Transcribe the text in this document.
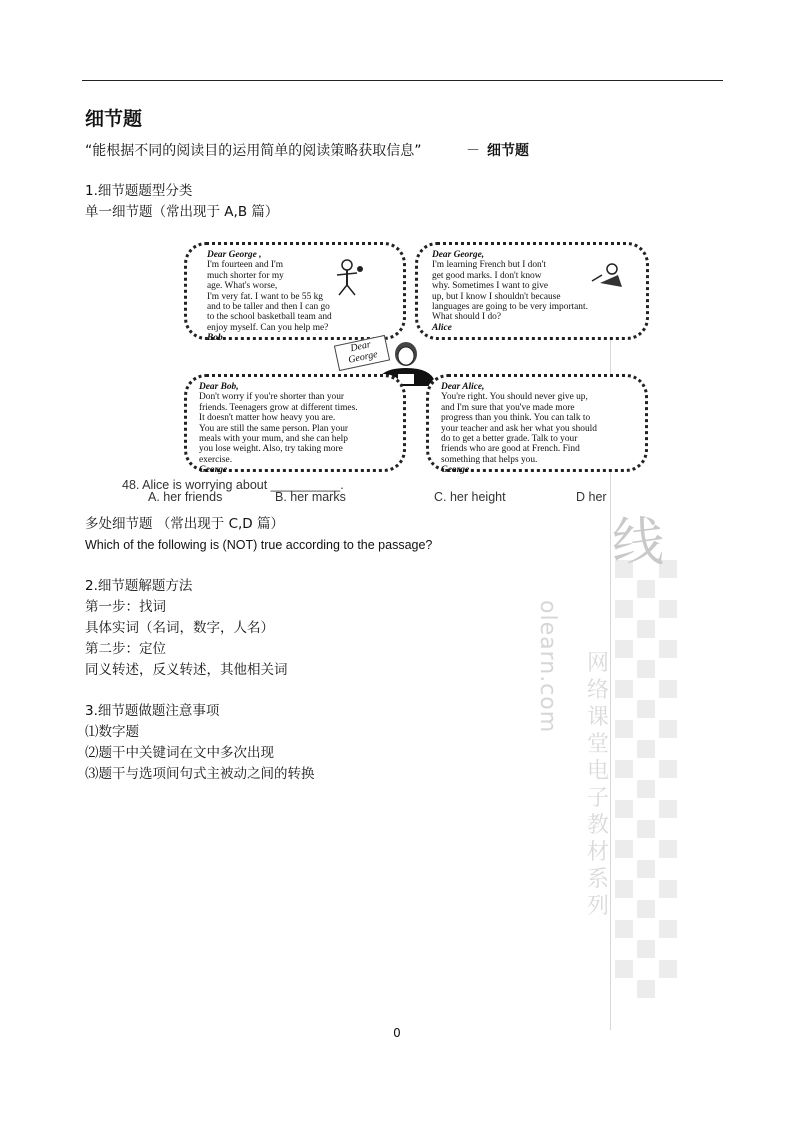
线
olearn.com 网络课堂电子教材系列
细节题
“能根据不同的阅读目的运用简单的阅读策略获取信息”	－ 细节题
1.细节题题型分类
单一细节题（常出现于 A,B 篇）
Dear George ,
I'm fourteen and I'm
much shorter for my
age. What's worse,
I'm very fat. I want to be 55 kg
and to be taller and then I can go
to the school basketball team and
enjoy myself. Can you help me?
Bob
Dear George,
I'm learning French but I don't
get good marks. I don't know
why. Sometimes I want to give
up, but I know I shouldn't because
languages are going to be very important.
What should I do?
Alice
Dear George
Dear Bob,
Don't worry if you're shorter than your
friends. Teenagers grow at different times.
It doesn't matter how heavy you are.
You are still the same person. Plan your
meals with your mum, and she can help
you lose weight. Also, try taking more
exercise.
George
Dear Alice,
You're right. You should never give up,
and I'm sure that you've made more
progress than you think. You can talk to
your teacher and ask her what you should
do to get a better grade. Talk to your
friends who are good at French. Find
something that helps you.
George
48. Alice is worrying about __________.
A. her friends	B. her marks	C. her height	D her
多处细节题 （常出现于 C,D 篇）
Which of the following is (NOT) true according to the passage?
2.细节题解题方法
第一步：找词
具体实词（名词，数字，人名）
第二步：定位
同义转述，反义转述，其他相关词
3.细节题做题注意事项
⑴数字题
⑵题干中关键词在文中多次出现
⑶题干与选项间句式主被动之间的转换
0
